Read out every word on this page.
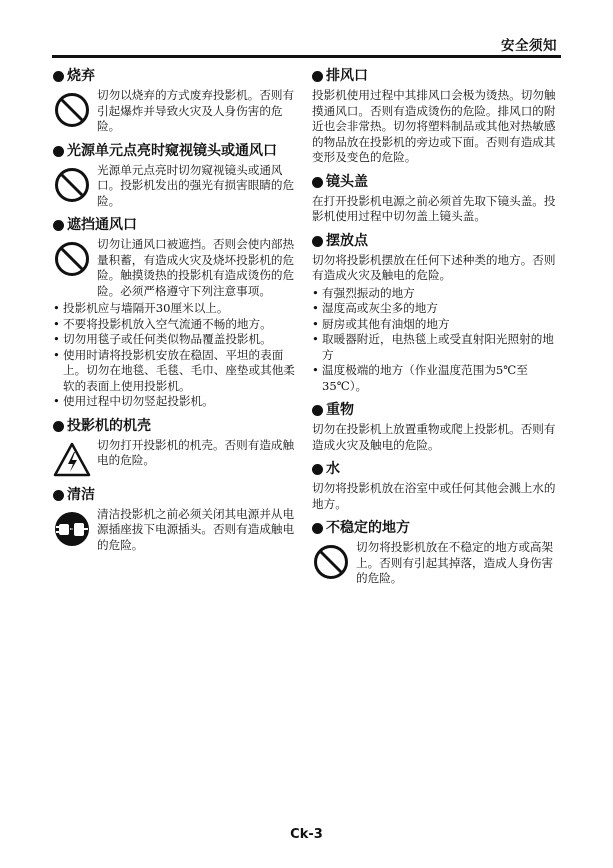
安全须知
烧弃
切勿以烧弃的方式废弃投影机。否则有引起爆炸并导致火灾及人身伤害的危险。
光源单元点亮时窥视镜头或通风口
光源单元点亮时切勿窥视镜头或通风口。投影机发出的强光有损害眼睛的危险。
遮挡通风口
切勿让通风口被遮挡。否则会使内部热量积蓄，有造成火灾及烧坏投影机的危险。触摸烫热的投影机有造成烫伤的危险。必须严格遵守下列注意事项。
• 投影机应与墙隔开30厘米以上。
• 不要将投影机放入空气流通不畅的地方。
• 切勿用毯子或任何类似物品覆盖投影机。
• 使用时请将投影机安放在稳固、平坦的表面上。切勿在地毯、毛毯、毛巾、座垫或其他柔软的表面上使用投影机。
• 使用过程中切勿竖起投影机。
投影机的机壳
切勿打开投影机的机壳。否则有造成触电的危险。
清洁
清洁投影机之前必须关闭其电源并从电源插座拔下电源插头。否则有造成触电的危险。
排风口
投影机使用过程中其排风口会极为烫热。切勿触摸通风口。否则有造成烫伤的危险。排风口的附近也会非常热。切勿将塑料制品或其他对热敏感的物品放在投影机的旁边或下面。否则有造成其变形及变色的危险。
镜头盖
在打开投影机电源之前必须首先取下镜头盖。投影机使用过程中切勿盖上镜头盖。
摆放点
切勿将投影机摆放在任何下述种类的地方。否则有造成火灾及触电的危险。
• 有强烈振动的地方
• 湿度高或灰尘多的地方
• 厨房或其他有油烟的地方
• 取暖器附近，电热毯上或受直射阳光照射的地方
• 温度极端的地方（作业温度范围为5℃至35℃）。
重物
切勿在投影机上放置重物或爬上投影机。否则有造成火灾及触电的危险。
水
切勿将投影机放在浴室中或任何其他会溅上水的地方。
不稳定的地方
切勿将投影机放在不稳定的地方或高架上。否则有引起其掉落，造成人身伤害的危险。
Ck-3
